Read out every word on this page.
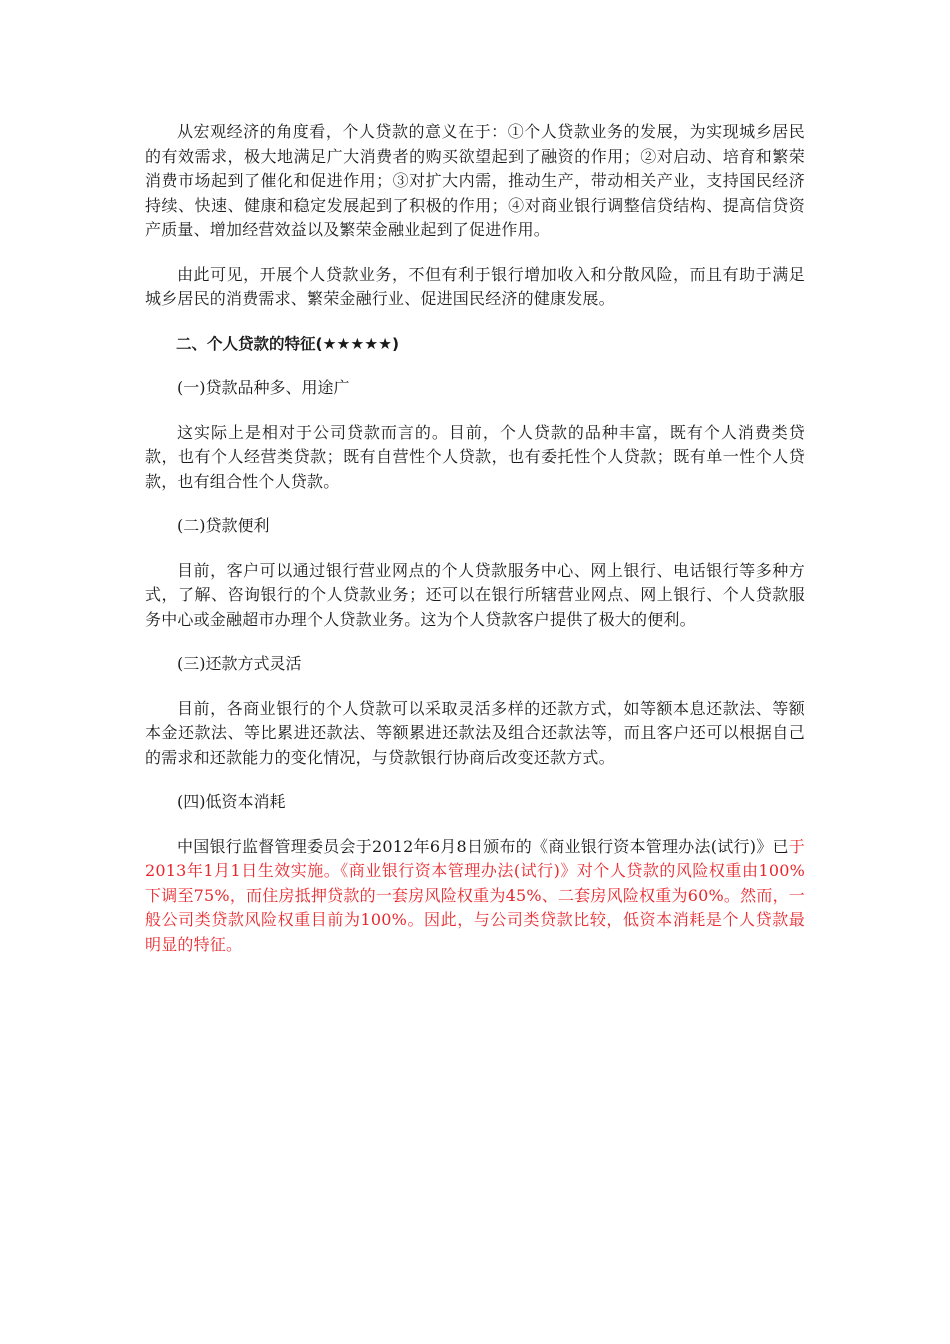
从宏观经济的角度看，个人贷款的意义在于：①个人贷款业务的发展，为实现城乡居民的有效需求，极大地满足广大消费者的购买欲望起到了融资的作用；②对启动、培育和繁荣消费市场起到了催化和促进作用；③对扩大内需，推动生产，带动相关产业，支持国民经济持续、快速、健康和稳定发展起到了积极的作用；④对商业银行调整信贷结构、提高信贷资产质量、增加经营效益以及繁荣金融业起到了促进作用。

由此可见，开展个人贷款业务，不但有利于银行增加收入和分散风险，而且有助于满足城乡居民的消费需求、繁荣金融行业、促进国民经济的健康发展。

二、个人贷款的特征(★★★★★)

(一)贷款品种多、用途广

这实际上是相对于公司贷款而言的。目前，个人贷款的品种丰富，既有个人消费类贷款，也有个人经营类贷款；既有自营性个人贷款，也有委托性个人贷款；既有单一性个人贷款，也有组合性个人贷款。

(二)贷款便利

目前，客户可以通过银行营业网点的个人贷款服务中心、网上银行、电话银行等多种方式，了解、咨询银行的个人贷款业务；还可以在银行所辖营业网点、网上银行、个人贷款服务中心或金融超市办理个人贷款业务。这为个人贷款客户提供了极大的便利。

(三)还款方式灵活

目前，各商业银行的个人贷款可以采取灵活多样的还款方式，如等额本息还款法、等额本金还款法、等比累进还款法、等额累进还款法及组合还款法等，而且客户还可以根据自己的需求和还款能力的变化情况，与贷款银行协商后改变还款方式。

(四)低资本消耗

中国银行监督管理委员会于2012年6月8日颁布的《商业银行资本管理办法(试行)》已于2013年1月1日生效实施。《商业银行资本管理办法(试行)》对个人贷款的风险权重由100%下调至75%，而住房抵押贷款的一套房风险权重为45%、二套房风险权重为60%。然而，一般公司类贷款风险权重目前为100%。因此，与公司类贷款比较，低资本消耗是个人贷款最明显的特征。
